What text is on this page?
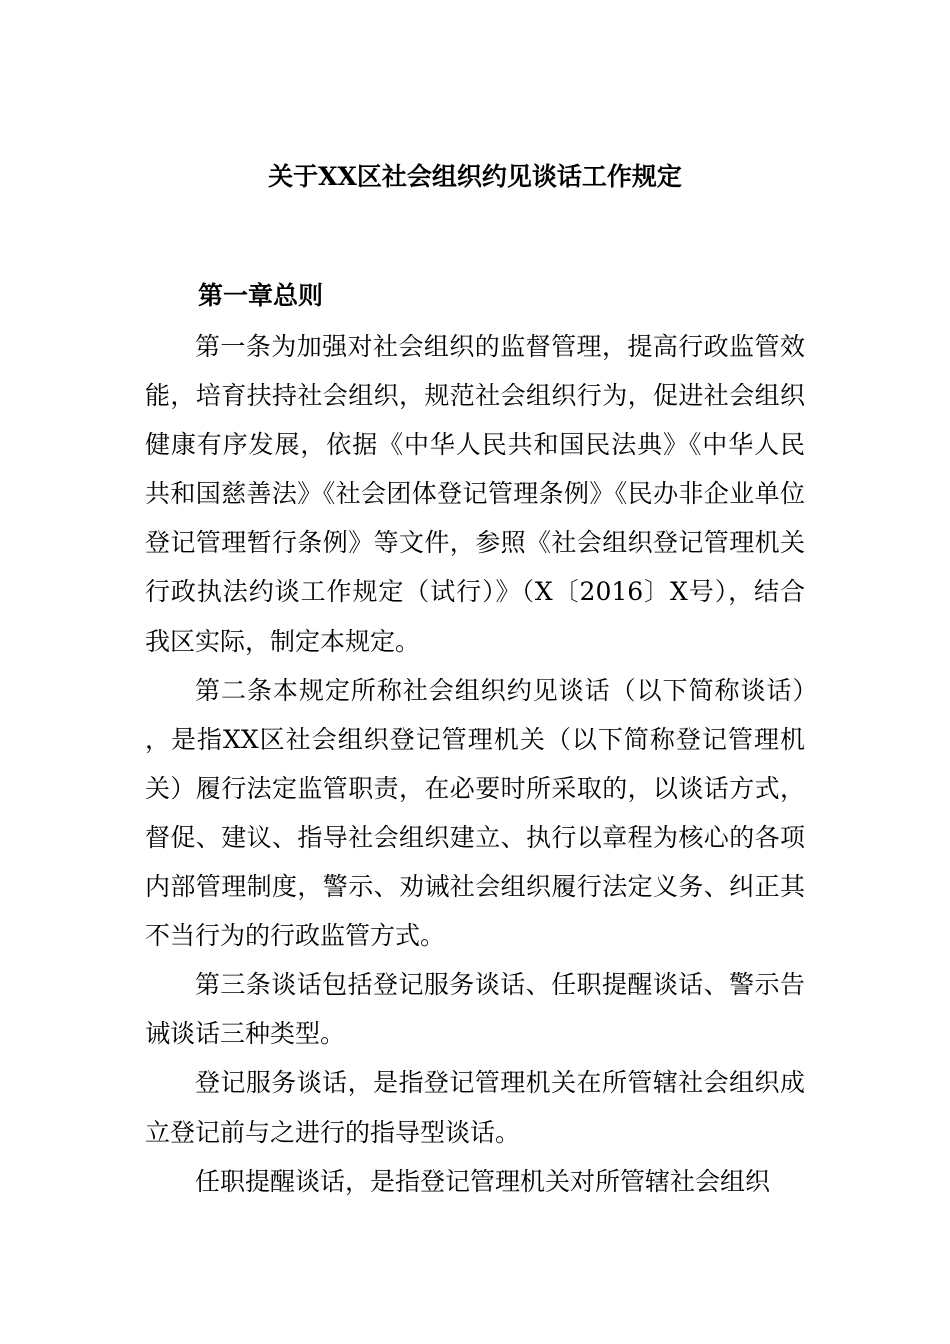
关于XX区社会组织约见谈话工作规定
第一章总则

第一条为加强对社会组织的监督管理，提高行政监管效能，培育扶持社会组织，规范社会组织行为，促进社会组织健康有序发展，依据《中华人民共和国民法典》《中华人民共和国慈善法》《社会团体登记管理条例》《民办非企业单位登记管理暂行条例》等文件，参照《社会组织登记管理机关行政执法约谈工作规定（试行）》（X〔2016〕X号），结合我区实际，制定本规定。

第二条本规定所称社会组织约见谈话（以下简称谈话），是指XX区社会组织登记管理机关（以下简称登记管理机关）履行法定监管职责，在必要时所采取的，以谈话方式，督促、建议、指导社会组织建立、执行以章程为核心的各项内部管理制度，警示、劝诫社会组织履行法定义务、纠正其不当行为的行政监管方式。

第三条谈话包括登记服务谈话、任职提醒谈话、警示告诫谈话三种类型。

登记服务谈话，是指登记管理机关在所管辖社会组织成立登记前与之进行的指导型谈话。

任职提醒谈话，是指登记管理机关对所管辖社会组织
